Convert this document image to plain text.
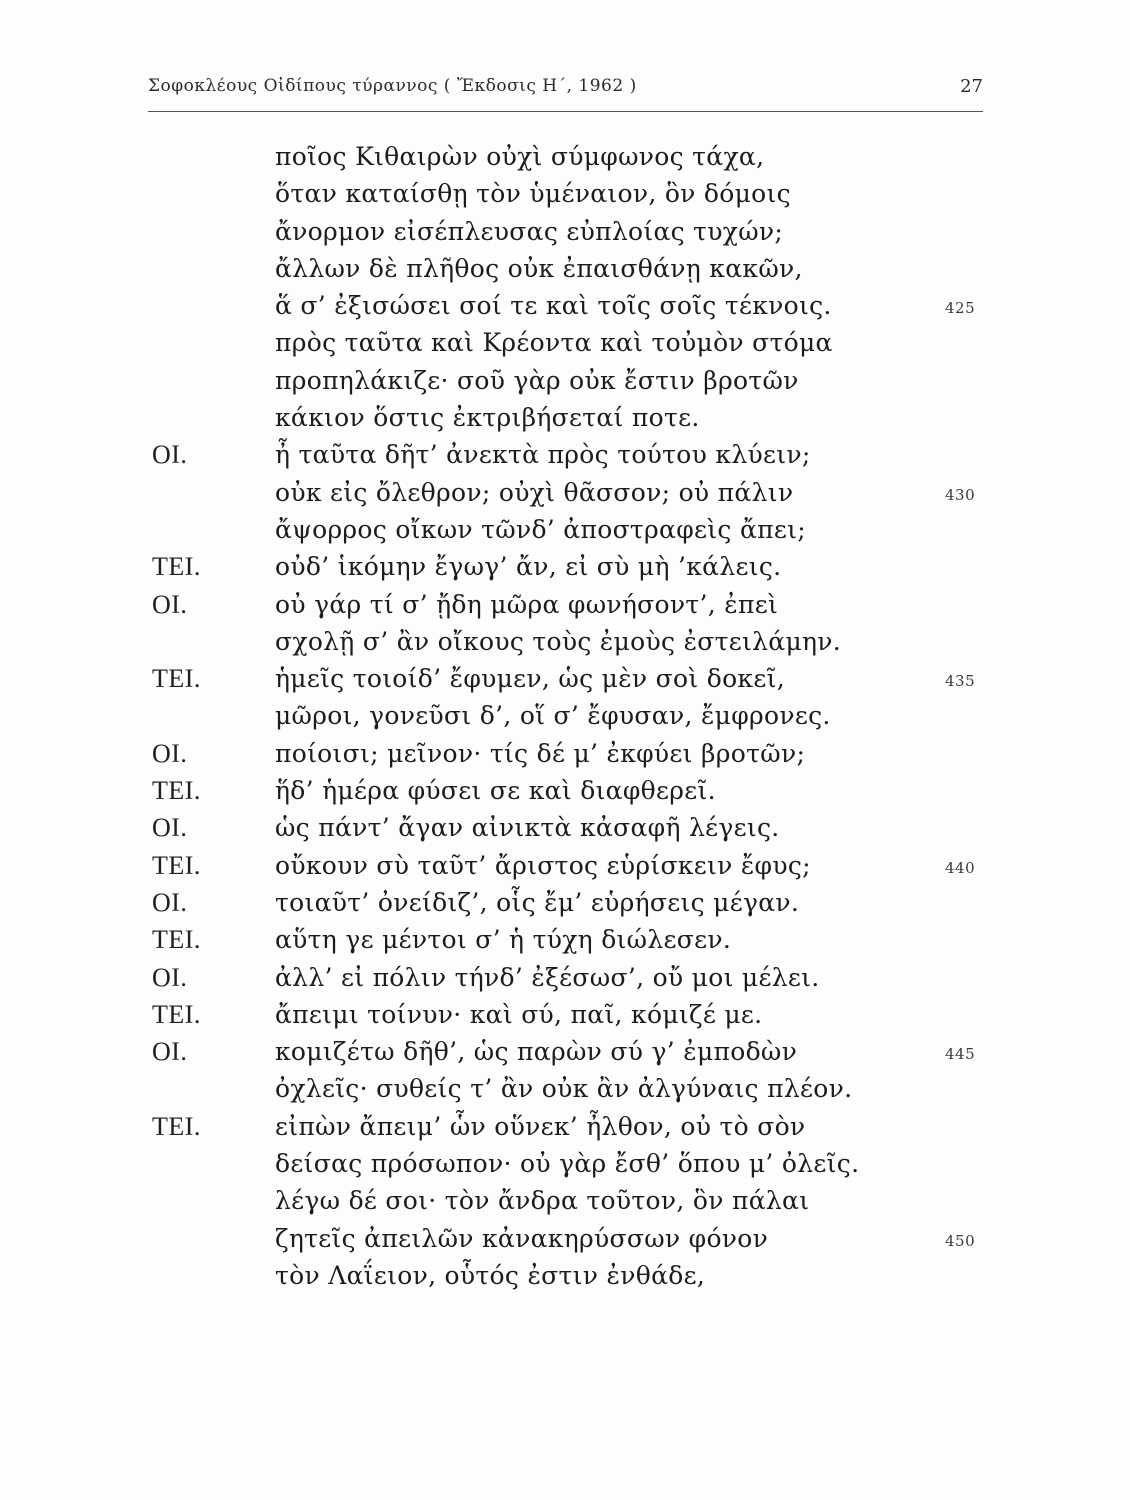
Σοφοκλέους Οἰδίπους τύραννος ( Ἔκδοσις Η΄, 1962 )	27
ποῖος Κιθαιρὼν οὐχὶ σύμφωνος τάχα,
ὅταν καταίσθῃ τὸν ὑμέναιον, ὃν δόμοις
ἄνορμον εἰσέπλευσας εὐπλοίας τυχών;
ἄλλων δὲ πλῆθος οὐκ ἐπαισθάνῃ κακῶν,
ἅ σ’ ἐξισώσει σοί τε καὶ τοῖς σοῖς τέκνοις.	425
πρὸς ταῦτα καὶ Κρέοντα καὶ τοὐμὸν στόμα
προπηλάκιζε· σοῦ γὰρ οὐκ ἔστιν βροτῶν
κάκιον ὅστις ἐκτριβήσεταί ποτε.
ΟΙ.	ἦ ταῦτα δῆτ’ ἀνεκτὰ πρὸς τούτου κλύειν;
οὐκ εἰς ὄλεθρον; οὐχὶ θᾶσσον; οὐ πάλιν	430
ἄψορρος οἴκων τῶνδ’ ἀποστραφεὶς ἄπει;
ΤΕΙ.	οὐδ’ ἱκόμην ἔγωγ’ ἄν, εἰ σὺ μὴ ’κάλεις.
ΟΙ.	οὐ γάρ τί σ’ ᾔδη μῶρα φωνήσοντ’, ἐπεὶ
σχολῇ σ’ ἂν οἴκους τοὺς ἐμοὺς ἐστειλάμην.
ΤΕΙ.	ἡμεῖς τοιοίδ’ ἔφυμεν, ὡς μὲν σοὶ δοκεῖ,	435
μῶροι, γονεῦσι δ’, οἵ σ’ ἔφυσαν, ἔμφρονες.
ΟΙ.	ποίοισι; μεῖνον· τίς δέ μ’ ἐκφύει βροτῶν;
ΤΕΙ.	ἥδ’ ἡμέρα φύσει σε καὶ διαφθερεῖ.
ΟΙ.	ὡς πάντ’ ἄγαν αἰνικτὰ κἀσαφῆ λέγεις.
ΤΕΙ.	οὔκουν σὺ ταῦτ’ ἄριστος εὑρίσκειν ἔφυς;	440
ΟΙ.	τοιαῦτ’ ὀνείδιζ’, οἷς ἔμ’ εὑρήσεις μέγαν.
ΤΕΙ.	αὕτη γε μέντοι σ’ ἡ τύχη διώλεσεν.
ΟΙ.	ἀλλ’ εἰ πόλιν τήνδ’ ἐξέσωσ’, οὔ μοι μέλει.
ΤΕΙ.	ἄπειμι τοίνυν· καὶ σύ, παῖ, κόμιζέ με.
ΟΙ.	κομιζέτω δῆθ’, ὡς παρὼν σύ γ’ ἐμποδὼν	445
ὀχλεῖς· συθείς τ’ ἂν οὐκ ἂν ἀλγύναις πλέον.
ΤΕΙ.	εἰπὼν ἄπειμ’ ὧν οὕνεκ’ ἦλθον, οὐ τὸ σὸν
δείσας πρόσωπον· οὐ γὰρ ἔσθ’ ὅπου μ’ ὀλεῖς.
λέγω δέ σοι· τὸν ἄνδρα τοῦτον, ὃν πάλαι
ζητεῖς ἀπειλῶν κἀνακηρύσσων φόνον	450
τὸν Λαΐειον, οὗτός ἐστιν ἐνθάδε,
